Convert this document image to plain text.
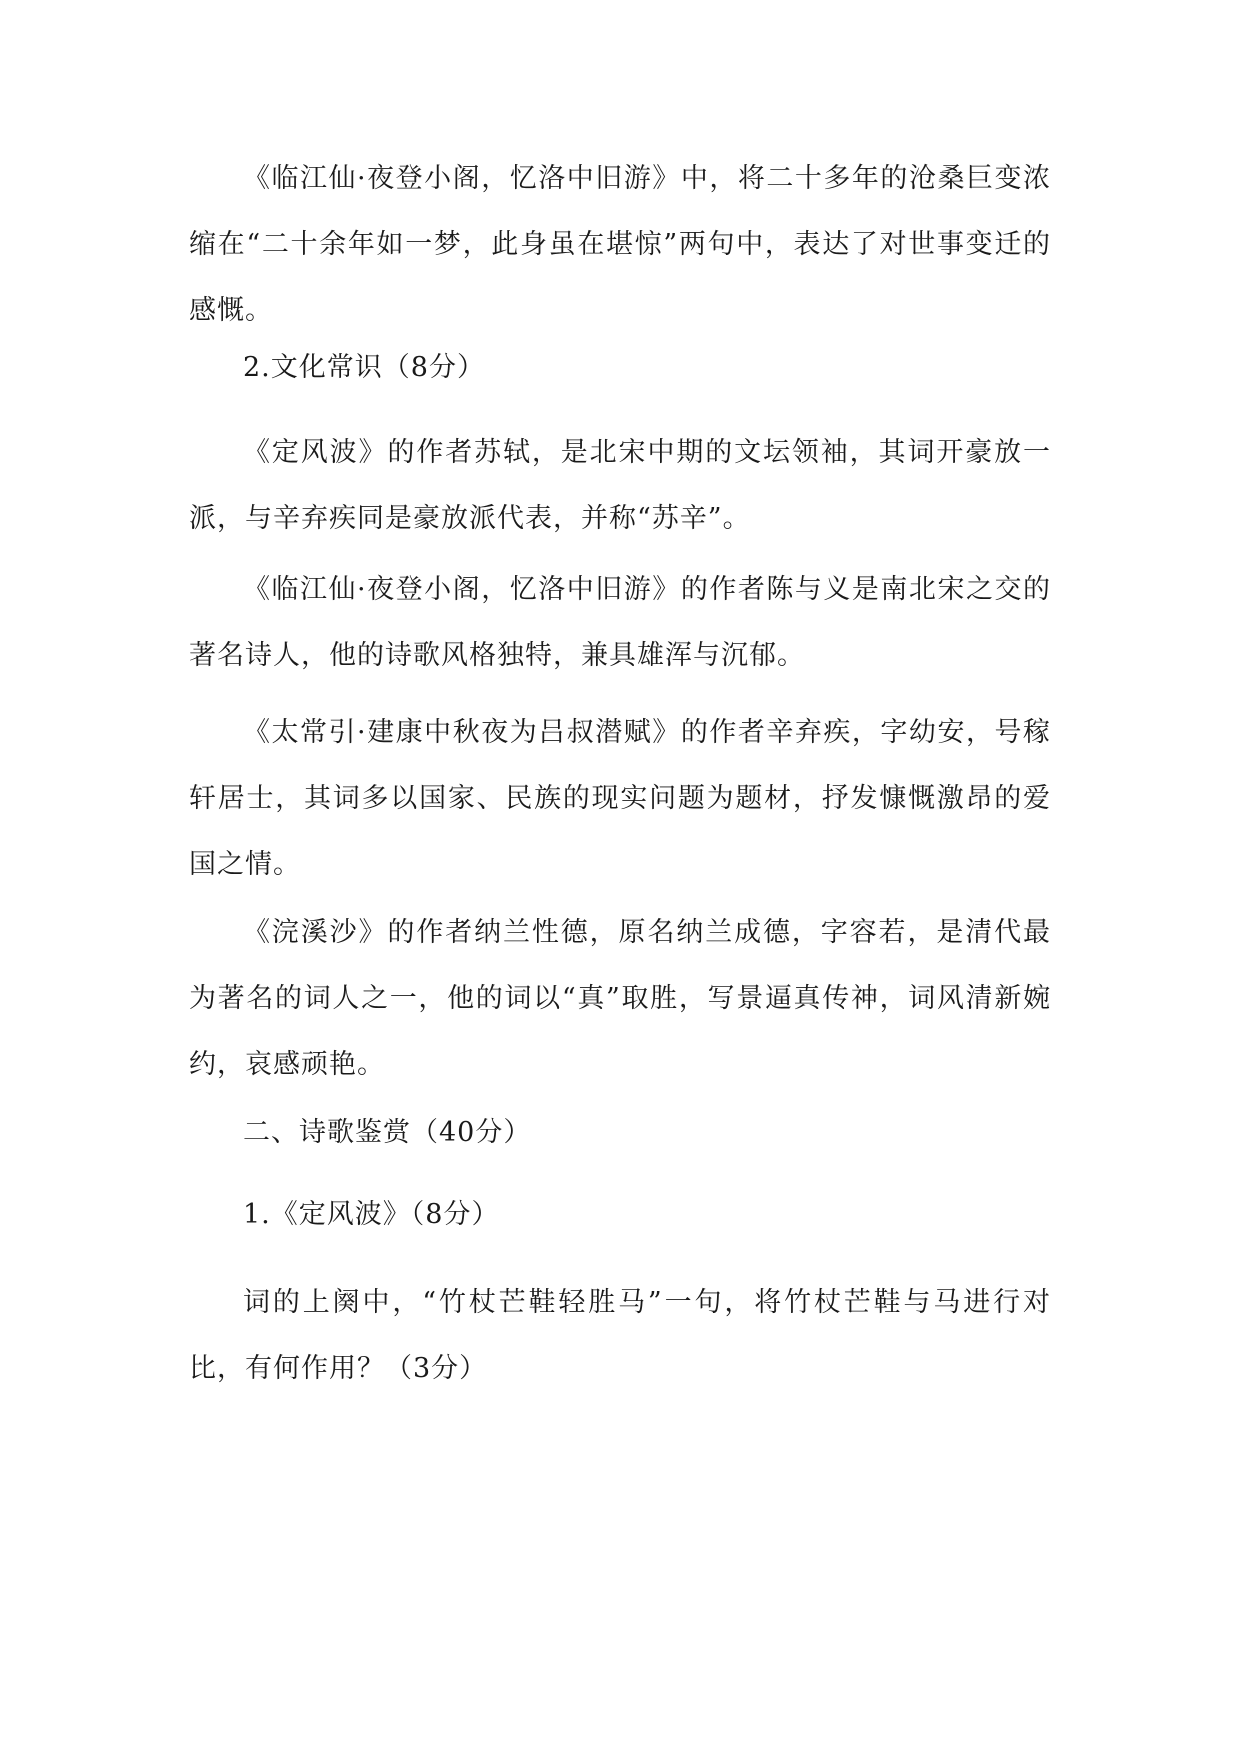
《临江仙·夜登小阁，忆洛中旧游》中，将二十多年的沧桑巨变浓缩在“二十余年如一梦，此身虽在堪惊”两句中，表达了对世事变迁的感慨。

2.文化常识（8分）

《定风波》的作者苏轼，是北宋中期的文坛领袖，其词开豪放一派，与辛弃疾同是豪放派代表，并称“苏辛”。

《临江仙·夜登小阁，忆洛中旧游》的作者陈与义是南北宋之交的著名诗人，他的诗歌风格独特，兼具雄浑与沉郁。

《太常引·建康中秋夜为吕叔潜赋》的作者辛弃疾，字幼安，号稼轩居士，其词多以国家、民族的现实问题为题材，抒发慷慨激昂的爱国之情。

《浣溪沙》的作者纳兰性德，原名纳兰成德，字容若，是清代最为著名的词人之一，他的词以“真”取胜，写景逼真传神，词风清新婉约，哀感顽艳。

二、诗歌鉴赏（40分）

1.《定风波》（8分）

词的上阕中，“竹杖芒鞋轻胜马”一句，将竹杖芒鞋与马进行对比，有何作用？（3分）
